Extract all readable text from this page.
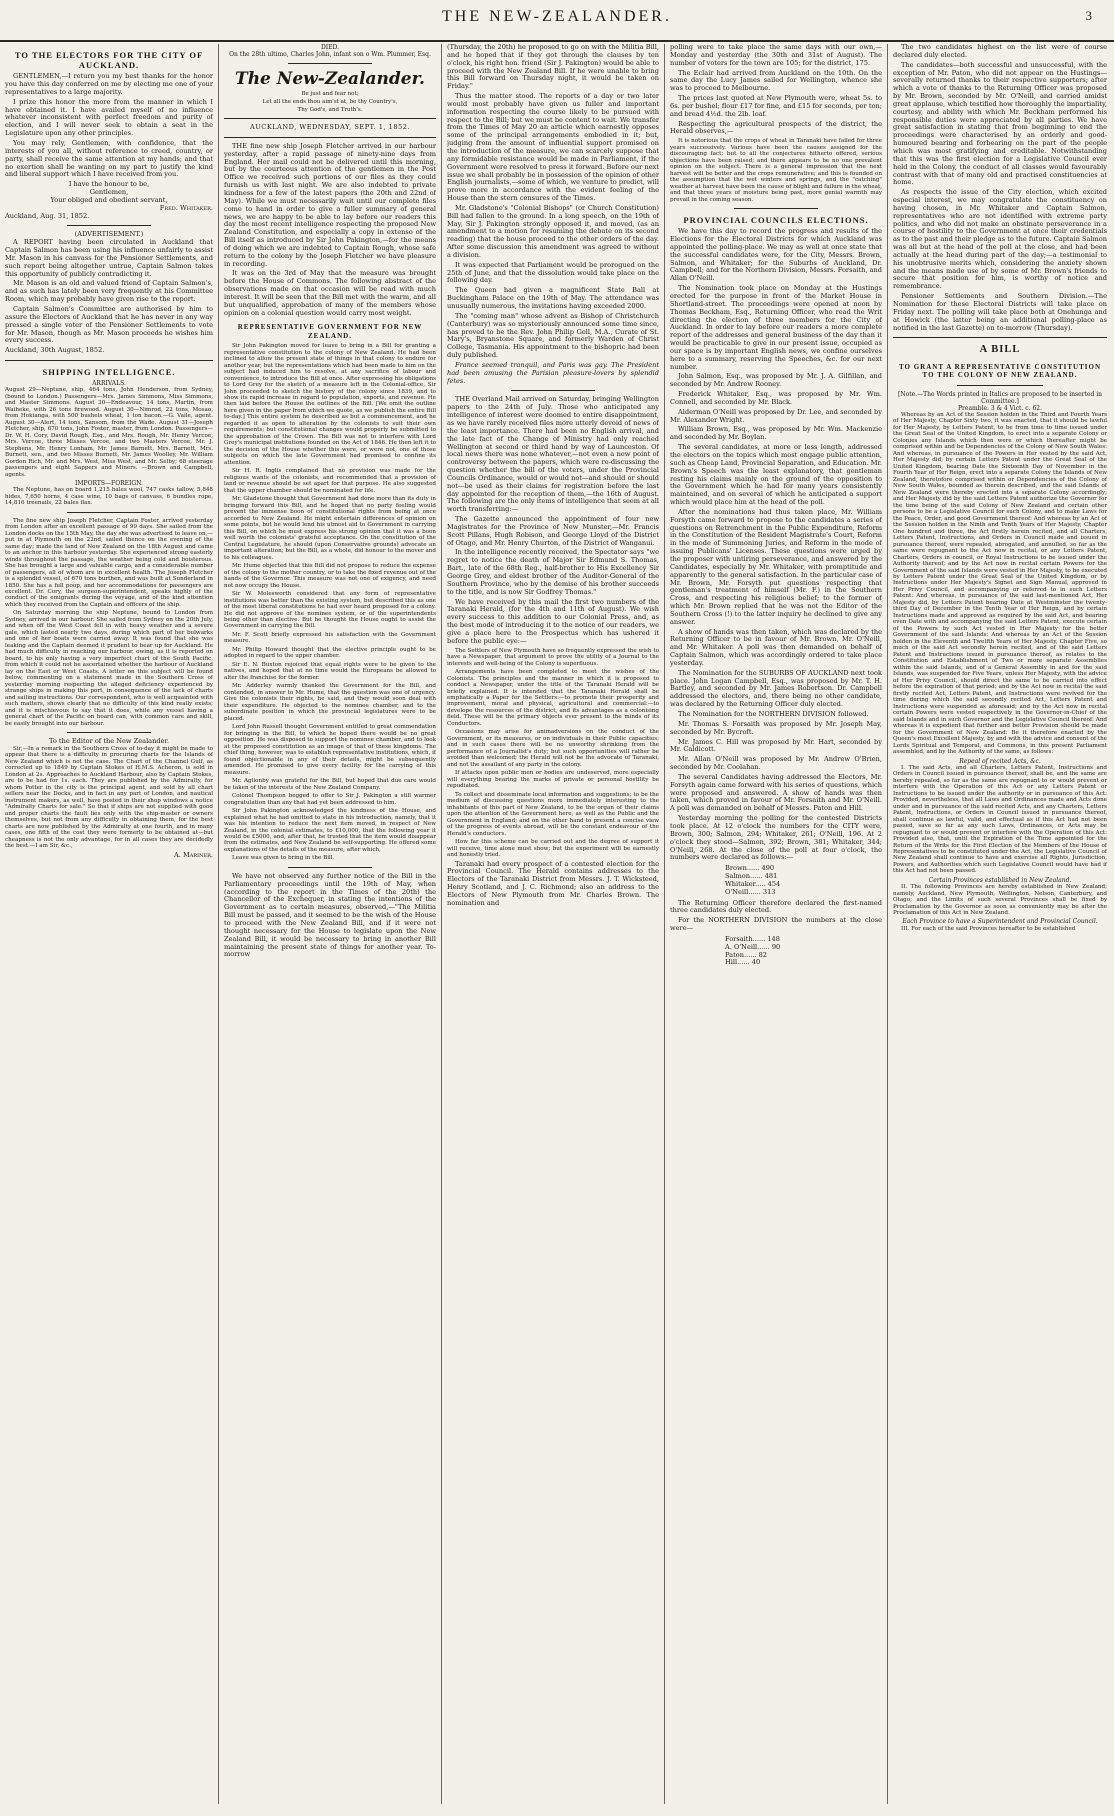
THE NEW-ZEALANDER.	3
TO THE ELECTORS FOR THE CITY OF AUCKLAND.

GENTLEMEN,—I return you my best thanks for the honor you have this day conferred on me by electing me one of your representatives to a large majority.

I prize this honor the more from the manner in which I have obtained it. I have availed myself of no influence whatever inconsistent with perfect freedom and purity of election, and I will never seek to obtain a seat in the Legislature upon any other principles.

You may rely, Gentlemen, with confidence, that the interests of you all, without reference to creed, country, or party, shall receive the same attention at my hands; and that no exertion shall be wanting on my part to justify the kind and liberal support which I have received from you.

I have the honour to be,
Gentlemen,
Your obliged and obedient servant,
Fred. Whitaker.
Auckland, Aug. 31, 1852.
(ADVERTISEMENT.)

A REPORT having been circulated in Auckland that Captain Salmon has been using his influence unfairly to assist Mr. Mason in his canvass for the Pensioner Settlements, and such report being altogether untrue, Captain Salmon takes this opportunity of publicly contradicting it.

Mr. Mason is an old and valued friend of Captain Salmon's, and as such has lately been very frequently at his Committee Room, which may probably have given rise to the report.

Captain Salmon's Committee are authorised by him to assure the Electors of Auckland that he has never in any way pressed a single voter of the Pensioner Settlements to vote for Mr. Mason, though as Mr. Mason proceeds he wishes him every success.

Auckland, 30th August, 1852.
SHIPPING INTELLIGENCE.
ARRIVALS.

August 29—Neptune, ship, 464 tons, John Henderson, from Sydney, (bound to London.) Passengers—Mrs. James Simmons, Miss Simmons, and Master Simmons. August 30—Endeavour, 14 tons, Martin, from Waiheke, with 26 tons firewood. August 30—Nimrod, 22 tons, Mosao, from Hokianga, with 500 bushels wheat, 1 ton bacon.—G. Vaile, agent. August 30—Alert, 14 tons, Sansom, from the Wade. August 31—Joseph Fletcher, ship, 670 tons, John Foster, master, from London. Passengers—Dr. W. H. Cory, David Rough, Esq., and Mrs. Rough, Mr. Henry Vercoe, Mrs. Vercoe, three Misses Vercoe, and two Masters Vercoe, Mr. J. Stephens, Mr. Henry Lonham, Mr. James Barnett, Mrs. Barnett, Mrs. Burnett, sen., and two Misses Burnett, Mr. James Woolley, Mr. William Gordon Rich, Mr. and Mrs. West, Miss West, and Mr. Selby; 68 steerage passengers and eight Sappers and Miners. —Brown and Campbell, agents.

IMPORTS—FOREIGN.

The Neptune, has on board 1,215 bales wool, 747 casks tallow, 5,848 hides, 7,650 horns, 4 case wine, 10 bags of canvass, 6 bundles rope, 14,816 treenails, 22 bales flax.

The fine new ship Joseph Fletcher, Captain Foster, arrived yesterday from London after an excellent passage of 99 days. She sailed from the London docks on the 15th May, the day she was advertised to leave on,—put in at Plymouth on the 22nd, sailed thence on the evening of the same day; made the land of New Zealand on the 18th August and came to an anchor in this harbour yesterday. She experienced strong easterly winds throughout the passage, the weather being cold and boisterous. She has brought a large and valuable cargo, and a considerable number of passengers, all of whom are in excellent health. The Joseph Fletcher is a splendid vessel, of 670 tons burthen, and was built at Sunderland in 1850. She has a full poop, and her accommodations for passengers are excellent. Dr. Cory, the surgeon-superintendent, speaks highly of the conduct of the emigrants during the voyage, and of the kind attention which they received from the Captain and officers of the ship.

On Saturday morning the ship Neptune, bound to London from Sydney, arrived in our harbour. She sailed from Sydney on the 20th July, and when off the West Coast fell in with heavy weather and a severe gale, which lasted nearly two days, during which part of her bulwarks and one of her boats were carried away. It was found that she was leaking and the Captain deemed it prudent to bear up for Auckland. He had much difficulty in reaching our harbour, owing, as it is reported on board, to his only having a very imperfect chart of the South Pacific, from which it could not be ascertained whether the harbour of Auckland lay on the East or West Coasts. A letter on this subject will be found below, commenting on a statement made in the Southern Cross of yesterday morning respecting the alleged deficiency experienced by strange ships in making this port, in consequence of the lack of charts and sailing instructions. Our correspondent, who is well acquainted with such matters, shows clearly that no difficulty of this kind really exists; and it is mischievous to say that it does, while any vessel having a general chart of the Pacific on board can, with common care and skill, be easily brought into our harbour.

To the Editor of the New Zealander.

Sir,—In a remark in the Southern Cross of to-day it might be made to appear that there is a difficulty in procuring charts for the Islands of New Zealand which is not the case. The Chart of the Channel Gulf, as corrected up to 1849 by Captain Stokes of H.M.S. Acheron, is sold in London at 2s. Approaches to Auckland Harbour, also by Captain Stokes, are to be had for 1s. each. They are published by the Admiralty, for whom Potter in the city is the principal agent, and sold by all chart sellers near the Docks, and in fact in any part of London, and nautical instrument makers, as well, have posted in their shop windows a notice "Admiralty Charts for sale." So that if ships are not supplied with good and proper charts the fault lies only with the ship-master or owners themselves, but not from any difficulty in obtaining them, for the best charts are now published by the Admiralty at one fourth, and in many cases, one fifth of the cost they were formerly to be obtained at—but cheapness is not the only advantage, for in all cases they are decidedly the best.—I am Sir, &c.,

A. Mariner.
DIED.
On the 28th ultimo, Charles John, infant son o Wm. Plummer, Esq.
The New-Zealander.
Be just and fear not;
Let all the ends thou aim'st at, be thy Country's,
Thy God's, and Truth's.
AUCKLAND, WEDNESDAY, SEPT. 1, 1852.

THE fine new ship Joseph Fletcher arrived in our harbour yesterday, after a rapid passage of ninety-nine days from England. Her mail could not be delivered until this morning, but by the courteous attention of the gentlemen in the Post Office we received such portions of our files as they could furnish us with last night. We are also indebted to private kindness for a few of the latest papers (the 20th and 22nd of May). While we must necessarily wait until our complete files come to hand in order to give a fuller summary of general news, we are happy to be able to lay before our readers this day the most recent intelligence respecting the proposed New Zealand Constitution, and especially a copy in extenso of the Bill itself as introduced by Sir John Pakington,—for the means of doing which we are indebted to Captain Rough, whose safe return to the colony by the Joseph Fletcher we have pleasure in recording.

It was on the 3rd of May that the measure was brought before the House of Commons. The following abstract of the observations made on that occasion will be read with much interest. It will be seen that the Bill met with the warm, and all but unqualified, approbation of many of the members whose opinion on a colonial question would carry most weight.

REPRESENTATIVE GOVERNMENT FOR NEW ZEALAND.

Sir John Pakington moved for leave to bring in a Bill for granting a representative constitution to the colony of New Zealand. He had been inclined to allow the present state of things in that colony to endure for another year, but the representations which had been made to him on the subject had induced him to resolve, at any sacrifice of labour and convenience, to introduce the Bill at once. After expressing his obligations to Lord Grey for the sketch of a measure left in the Colonial-office, Sir John proceeded to sketch the history of the colony since 1839, and to show its rapid increase in regard to population, exports, and revenue. He then laid before the House the outlines of the Bill. [We omit the outline here given in the paper from which we quote, as we publish the entire Bill to-day.] This entire system he described as but a commencement, and he regarded it as open to alteration by the colonists to suit their own requirements; but constitutional changes would properly be submitted to the approbation of the Crown. The Bill was not to interfere with Lord Grey's municipal institutions founded on the Act of 1846. He then left it to the decision of the House whether this were, or were not, one of those subjects on which the late Government had promised to confine its attention.

Sir H. R. Inglis complained that no provision was made for the religious wants of the colonists, and recommended that a provision of land or revenue should be set apart for that purpose. He also suggested that the upper chamber should be nominated for life.

Mr. Gladstone thought that Government had done more than its duty in bringing forward this Bill, and he hoped that no party feeling would prevent the immense boon of constitutional rights from being at once accorded to New Zealand. He might entertain differences of opinion on some points, but he would lend his utmost aid to Government in carrying this Bill, on which he must express his strong opinion that it was a boon well worth the colonists' grateful acceptance. On the constitution of the Central Legislature, he should (upon Conservative grounds) advocate an important alteration; but the Bill, as a whole, did honour to the mover and to his colleagues.

Mr. Hume objected that this Bill did not propose to reduce the expense of the colony to the mother country, or to take the fixed revenue out of the hands of the Governor. This measure was not one of exigency, and need not now occupy the House.

Sir W. Molesworth considered that any form of representative institutions was better than the existing system, but described this as one of the most liberal constitutions he had ever heard proposed for a colony. He did not approve of the nominee system, or of the superintendents being other than elective. But he thought the House ought to assist the Government in carrying the Bill.

Mr. F. Scott briefly expressed his satisfaction with the Government measure.

Mr. Philip Howard thought that the elective principle ought to be adopted in regard to the upper chamber.

Sir E. N. Buxton rejoiced that equal rights were to be given to the natives, and hoped that at no time would the Europeans be allowed to alter the franchise for the former.

Mr. Adderley warmly thanked the Government for the Bill, and contended, in answer to Mr. Hume, that the question was one of urgency. Give the colonists their rights, he said, and they would soon deal with their expenditure. He objected to the nominee chamber, and to the subordinate position in which the provincial legislatures were to be placed.

Lord John Russell thought Government entitled to great commendation for bringing in the Bill, to which he hoped there would be no great opposition. He was disposed to support the nominee chamber, and to look at the proposed constitution as an image of that of these kingdoms. The chief thing, however, was to establish representative institutions, which, if found objectionable in any of their details, might be subsequently amended. He promised to give every facility for the carrying of this measure.

Mr. Aglionby was grateful for the Bill, but hoped that due care would be taken of the interests of the New Zealand Company.

Colonel Thompson begged to offer to Sir J. Pakington a still warmer congratulation than any that had yet been addressed to him.

Sir John Pakington acknowledged the kindness of the House, and explained what he had omitted to state in his introduction, namely, that it was his intention to reduce the next item moved, in respect of New Zealand, in the colonial estimates, to £10,000, that the following year it would be £5000, and, after that, he trusted that the item would disappear from the estimates, and New Zealand be self-supporting. He offered some explanations of the details of the measure, after which,

Leave was given to bring in the Bill.

We have not observed any further notice of the Bill in the Parliamentary proceedings until the 19th of May, when (according to the report in the Times of the 20th) the Chancellor of the Exchequer, in stating the intentions of the Government as to certain measures, observed,—"The Militia Bill must be passed, and it seemed to be the wish of the House to proceed with the New Zealand Bill, and if it were not thought necessary for the House to legislate upon the New Zealand Bill, it would be necessary to bring in another Bill maintaining the present state of things for another year. To-morrow

(Thursday, the 20th) he proposed to go on with the Militia Bill, and he hoped that if they got through the clauses by ten o'clock, his right hon. friend (Sir J. Pakington) would be able to proceed with the New Zealand Bill. If he were unable to bring this Bill forward on Thursday night, it would be taken on Friday."

Thus the matter stood. The reports of a day or two later would most probably have given us fuller and important information respecting the course likely to be pursued with respect to the Bill; but we must be content to wait. We transfer from the Times of May 20 an article which earnestly opposes some of the principal arrangements embodied in it; but, judging from the amount of influential support promised on the introduction of the measure, we can scarcely suppose that any formidable resistance would be made in Parliament, if the Government were resolved to press it forward. Before our next issue we shall probably be in possession of the opinion of other English journalists,—some of which, we venture to predict, will prove more in accordance with the evident feeling of the House than the stern censures of the Times.

Mr. Gladstone's "Colonial Bishops" (or Church Constitution) Bill had fallen to the ground. In a long speech, on the 19th of May, Sir J. Pakington strongly opposed it, and moved, (as an amendment to a motion for resuming the debate on its second reading) that the house proceed to the other orders of the day. After some discussion this amendment was agreed to without a division.

It was expected that Parliament would be prorogued on the 25th of June, and that the dissolution would take place on the following day.

The Queen had given a magnificent State Ball at Buckingham Palace on the 19th of May. The attendance was unusually numerous, the invitations having exceeded 2000.

The "coming man" whose advent as Bishop of Christchurch (Canterbury) was so mysteriously announced some time since, has proved to be the Rev. John Philip Gell, M.A., Curate of St. Mary's, Bryanstone Square, and formerly Warden of Christ College, Tasmania. His appointment to the bishopric had been duly published.

France seemed tranquil, and Paris was gay. The President had been amusing the Parisian pleasure-lovers by splendid fetes.

THE Overland Mail arrived on Saturday, bringing Wellington papers to the 24th of July. Those who anticipated any intelligence of interest were doomed to entire disappointment, as we have rarely received files more utterly devoid of news of the least importance. There had been no English arrival, and the late fact of the Change of Ministry had only reached Wellington at second or third hand by way of Launceston. Of local news there was none whatever,—not even a new point of controversy between the papers, which were re-discussing the question whether the bill of the voters, under the Provincial Councils Ordinance, would or would not—and should or should not—be used as their claims for registration before the last day appointed for the reception of them,—the 16th of August. The following are the only items of intelligence that seem at all worth transferring:—

The Gazette announced the appointment of four new Magistrates for the Province of New Munster,—Mr. Francis Scott Pillans, Hugh Robison, and George Lloyd of the District of Otago, and Mr. Henry Churton, of the District of Wanganui.

In the intelligence recently received, the Spectator says "we regret to notice the death of Major Sir Edmund S. Thomas, Bart., late of the 68th Reg., half-brother to His Excellency Sir George Grey, and eldest brother of the Auditor-General of the Southern Province, who by the demise of his brother succeeds to the title, and is now Sir Godfrey Thomas."

We have received by this mail the first two numbers of the Taranaki Herald, (for the 4th and 11th of August). We wish every success to this addition to our Colonial Press, and, as the best mode of introducing it to the notice of our readers, we give a place here to the Prospectus which has ushered it before the public eye:—

The Settlers of New Plymouth have so frequently expressed the wish to have a Newspaper, that argument to prove the utility of a Journal to the interests and well-being of the Colony is superfluous.

Arrangements have been completed to meet the wishes of the Colonists. The principles and the manner in which it is proposed to conduct a Newspaper, under the title of the Taranaki Herald will be briefly explained. It is intended that the Taranaki Herald shall be emphatically a Paper for the Settlers:—to promote their prosperity and improvement, moral and physical, agricultural and commercial:—to develope the resources of the district, and its advantages as a colonising field. These will be the primary objects ever present to the minds of its Conductors.

Occasions may arise for animadversions on the conduct of the Government, or its measures, or on individuals in their Public capacities; and in such cases there will be no unworthy shrinking from the performance of a Journalist's duty; but such opportunities will rather be avoided than welcomed; the Herald will not be the advocate of Taranaki, and not the assailant of any party in the colony.

If attacks upon public men or bodies are undeserved, more especially will everything bearing the marks of private or personal hostility be repudiated.

To collect and disseminate local information and suggestions; to be the medium of discussing questions more immediately interesting to the inhabitants of this part of New Zealand, to be the organ of their claims upon the attention of the Government here, as well as the Public and the Government in England; and on the other hand to present a concise view of the progress of events abroad, will be the constant endeavour of the Herald's conductors.

How far this scheme can be carried out and the degree of support it will receive, time alone must show; but the experiment will be earnestly and honestly tried.

Taranaki had every prospect of a contested election for the Provincial Council. The Herald contains addresses to the Electors of the Taranaki District from Messrs. J. T. Wicksteed, Henry Scotland, and J. C. Richmond; also an address to the Electors of New Plymouth from Mr. Charles Brown. The nomination and

polling were to take place the same days with our own,—Monday and yesterday (the 30th and 31st of August). The number of voters for the town are 105; for the district, 175.

The Eclair had arrived from Auckland on the 10th. On the same day the Lucy James sailed for Wellington, whence she was to proceed to Melbourne.

The prices last quoted at New Plymouth were, wheat 5s. to 6s. per bushel; flour £17 for fine, and £15 for seconds, per ton; and bread 4½d. the 2lb. loaf.

Respecting the agricultural prospects of the district, the Herald observes,—

It is notorious that the crops of wheat in Taranaki have failed for three years successively. Various have been the causes assigned for the discouraging fact; but to all the conjectures hitherto offered, serious objections have been raised; and there appears to be no one prevalent opinion on the subject. There is a general impression that the next harvest will be better and the crops remunerative; and this is founded on the assumption that the wet winters and springs, and the "catching" weather at harvest have been the cause of blight and failure in the wheat, and that three years of moisture being past, more genial warmth may prevail in the coming season.

PROVINCIAL COUNCILS ELECTIONS.

We have this day to record the progress and results of the Elections for the Electoral Districts for which Auckland was appointed the polling-place. We may as well at once state that the successful candidates were, for the City, Messrs. Brown, Salmon, and Whitaker; for the Suburbs of Auckland, Dr. Campbell; and for the Northern Division, Messrs. Forsaith, and Allan O'Neill.

The Nomination took place on Monday at the Hustings erected for the purpose in front of the Market House in Shortland-street. The proceedings were opened at noon by Thomas Beckham, Esq., Returning Officer, who read the Writ directing the election of three members for the City of Auckland. In order to lay before our readers a more complete report of the addresses and general business of the day than it would be practicable to give in our present issue, occupied as our space is by important English news, we confine ourselves here to a summary, reserving the Speeches, &c. for our next number.

John Salmon, Esq., was proposed by Mr. J. A. Gilfillan, and seconded by Mr. Andrew Rooney.

Frederick Whitaker, Esq., was proposed by Mr. Wm. Connell, and seconded by Mr. Black.

Alderman O'Neill was proposed by Dr. Lee, and seconded by Mr. Alexander Wright.

William Brown, Esq., was proposed by Mr. Wm. Mackenzie and seconded by Mr. Boylan.

The several candidates, at more or less length, addressed the electors on the topics which most engage public attention, such as Cheap Land, Provincial Separation, and Education. Mr. Brown's Speech was the least explanatory, that gentleman resting his claims mainly on the ground of the opposition to the Government which he had for many years consistently maintained, and on several of which he anticipated a support which would place him at the head of the poll.

After the nominations had thus taken place, Mr. William Forsyth came forward to propose to the candidates a series of questions on Retrenchment in the Public Expenditure, Reform in the Constitution of the Resident Magistrate's Court, Reform in the mode of Summoning Juries, and Reform in the mode of issuing Publicans' Licenses. These questions were urged by the proposer with untiring perseverance, and answered by the Candidates, especially by Mr. Whitaker, with promptitude and apparently to the general satisfaction. In the particular case of Mr. Brown, Mr. Forsyth put questions respecting that gentleman's treatment of himself (Mr. F.) in the Southern Cross, and respecting his religious belief; to the former of which Mr. Brown replied that he was not the Editor of the Southern Cross (!) to the latter inquiry he declined to give any answer.

A show of hands was then taken, which was declared by the Returning Officer to be in favour of Mr. Brown, Mr. O'Neill, and Mr. Whitaker. A poll was then demanded on behalf of Captain Salmon, which was accordingly ordered to take place yesterday.

The Nomination for the SUBURBS OF AUCKLAND next took place. John Logan Campbell, Esq., was proposed by Mr. T. H. Bartley, and seconded by Mr. James Robertson. Dr. Campbell addressed the electors, and, there being no other candidate, was declared by the Returning Officer duly elected.

The Nomination for the NORTHERN DIVISION followed.

Mr. Thomas S. Forsaith was proposed by Mr. Joseph May, seconded by Mr. Bycroft.

Mr. James C. Hill was proposed by Mr. Hart, seconded by Mr. Caldicott.

Mr. Allan O'Neill was proposed by Mr. Andrew O'Brien, seconded by Mr. Coolahan.

The several Candidates having addressed the Electors, Mr. Forsyth again came forward with his series of questions, which were proposed and answered. A show of hands was then taken, which proved in favour of Mr. Forsaith and Mr. O'Neill. A poll was demanded on behalf of Messrs. Paton and Hill.

Yesterday morning the polling for the contested Districts took place. At 12 o'clock the numbers for the CITY were, Brown, 300; Salmon, 294; Whitaker, 261; O'Neill, 196. At 2 o'clock they stood—Salmon, 392; Brown, 381; Whitaker, 344; O'Neill, 268. At the close of the poll at four o'clock, the numbers were declared as follows:—

Brown...... 490
Salmon...... 481
Whitaker..... 454
O'Neill...... 313

The Returning Officer therefore declared the first-named three candidates duly elected.

For the NORTHERN DIVISION the numbers at the close were—

Forsaith...... 148
A. O'Neill...... 90
Paton...... 82
Hill...... 40

The two candidates highest on the list were of course declared duly elected.

The candidates—both successful and unsuccessful, with the exception of Mr. Paton, who did not appear on the Hustings—severally returned thanks to their respective supporters; after which a vote of thanks to the Returning Officer was proposed by Mr. Brown, seconded by Mr. O'Neill, and carried amidst great applause, which testified how thoroughly the impartiality, courtesy, and ability with which Mr. Beckham performed his responsible duties were appreciated by all parties. We have great satisfaction in stating that from beginning to end the proceedings were characterised by an orderly and good-humoured bearing and forbearing on the part of the people which was most gratifying and creditable. Notwithstanding that this was the first election for a Legislative Council ever held in the Colony, the conduct of all classes would favourably contrast with that of many old and practised constituencies at home.

As respects the issue of the City election, which excited especial interest, we may congratulate the constituency on having chosen, in Mr. Whitaker and Captain Salmon, representatives who are not identified with extreme party politics, and who did not make an obstinate perseverance in a course of hostility to the Government at once their credentials as to the past and their pledge as to the future. Captain Salmon was all but at the head of the poll at the close, and had been actually at the head during part of the day;—a testimonial to his unobtrusive merits which, considering the anxiety shown and the means made use of by some of Mr. Brown's friends to secure that position for him, is worthy of notice and remembrance.

Pensioner Settlements and Southern Division.—The Nomination for these Electoral Districts will take place on Friday next. The polling will take place both at Onehunga and at Howick (the latter being an additional polling-place as notified in the last Gazette) on to-morrow (Thursday).

A BILL
TO GRANT A REPRESENTATIVE CONSTITUTION TO THE COLONY OF NEW ZEALAND.
[Note.—The Words printed in Italics are proposed to be inserted in Committee.]
Preamble. 3 & 4 Vict. c. 62.

Whereas by an Act of the Session holden in the Third and Fourth Years of Her Majesty, Chapter Sixty two, it was enacted, that it should be lawful for Her Majesty, by Letters Patent, to be from time to time issued under the Great Seal of the United Kingdom, to erect into a separate Colony or Colonies any Islands which then were or which thereafter might be comprised within and be Dependencies of the Colony of New South Wales: And whereas, in pursuance of the Powers in Her vested by the said Act, Her Majesty did, by certain Letters Patent under the Great Seal of the United Kingdom, bearing Date the Sixteenth Day of November in the Fourth Year of Her Reign, erect into a separate Colony the Islands of New Zealand, theretofore comprised within or Dependencies of the Colony of New South Wales, bounded as therein described, and the said Islands of New Zealand were thereby erected into a separate Colony accordingly; and Her Majesty did by the said Letters Patent authorize the Governor for the time being of the said Colony of New Zealand and certain other persons to be a Legislative Council for such Colony, and to make Laws for the Peace, Order, and good Government thereof: And whereas by an Act of the Session holden in the Ninth and Tenth Years of Her Majesty, Chapter One hundred and three, the Act firstly herein recited, and all Charters, Letters Patent, Instructions, and Orders in Council made and issued in pursuance thereof, were repealed, abrogated, and annulled, so far as the same were repugnant to the Act now in recital, or any Letters Patent, Charters, Orders in council, or Royal Instructions to be issued under the Authority thereof; and by the Act now in recital certain Powers for the Government of the said Islands were vested in Her Majesty, to be executed by Letters Patent under the Great Seal of the United Kingdom, or by Instructions under Her Majesty's Signet and Sign Manual, approved in Her Privy Council, and accompanying or referred to in such Letters Patent: And whereas, in pursuance of the said last-mentioned Act, Her Majesty did, by Letters Patent bearing Date at Westminster the twenty-third Day of December in the Tenth Year of Her Reign, and by certain Instructions made and approved as required by the said Act, and bearing even Date with and accompanying the said Letters Patent, execute certain of the Powers by such Act vested in Her Majesty for the better Government of the said Islands: And whereas by an Act of the Session holden in the Eleventh and Twelfth Years of Her Majesty, Chapter Five, so much of the said Act secondly herein recited, and of the said Letters Patent and Instructions issued in pursuance thereof, as relates to the Constitution and Establishment of Two or more separate Assemblies within the said Islands, and of a General Assembly in and for the said Islands, was suspended for Five Years, unless Her Majesty, with the advice of Her Privy Council, should direct the same to be carried into effect before the expiration of that period; and by the Act now in recital the said firstly recited Act, Letters Patent, and Instructions were revived for the time during which the said secondly recited Act, Letters Patent and Instructions were suspended as aforesaid; and by the Act now in recital certain Powers were vested respectively in the Governor-in-Chief of the said Islands and in such Governor and the Legislative Council thereof: And whereas it is expedient that further and better Provision should be made for the Government of New Zealand: Be it therefore enacted by the Queen's most Excellent Majesty, by and with the advice and consent of the Lords Spiritual and Temporal, and Commons, in this present Parliament assembled, and by the Authority of the same, as follows:

Repeal of recited Acts, &c.

I. The said Acts, and all Charters, Letters Patent, Instructions and Orders in Council issued in pursuance thereof, shall be, and the same are hereby repealed, so far as the same are repugnant to or would prevent or interfere with the Operation of this Act or any Letters Patent or Instructions to be issued under the authority or in pursuance of this Act: Provided, nevertheless, that all Laws and Ordinances made and Acts done under and in pursuance of the said recited Acts, and any Charters, Letters Patent, Instructions, or Orders in Council issued in pursuance thereof, shall continue as lawful, valid, and effectual as if this Act had not been passed, save so far as any such Laws, Ordinances, or Acts may be repugnant to or would prevent or interfere with the Operation of this Act: Provided also, that, until the Expiration of the Time appointed for the Return of the Writs for the First Election of the Members of the House of Representatives to be constituted under the Act, the Legislative Council of New Zealand shall continue to have and exercise all Rights, Jurisdiction, Powers, and Authorities which such Legislative Council would have had if this Act had not been passed.

Certain Provinces established in New Zealand.

II. The following Provinces are hereby established in New Zealand; namely, Auckland, New Plymouth, Wellington, Nelson, Canterbury, and Otago; and the Limits of such several Provinces shall be fixed by Proclamation by the Governor as soon as conveniently may be after the Proclamation of this Act in New Zealand.

Each Province to have a Superintendent and Provincial Council.

III. For each of the said Provinces hereafter to be established
